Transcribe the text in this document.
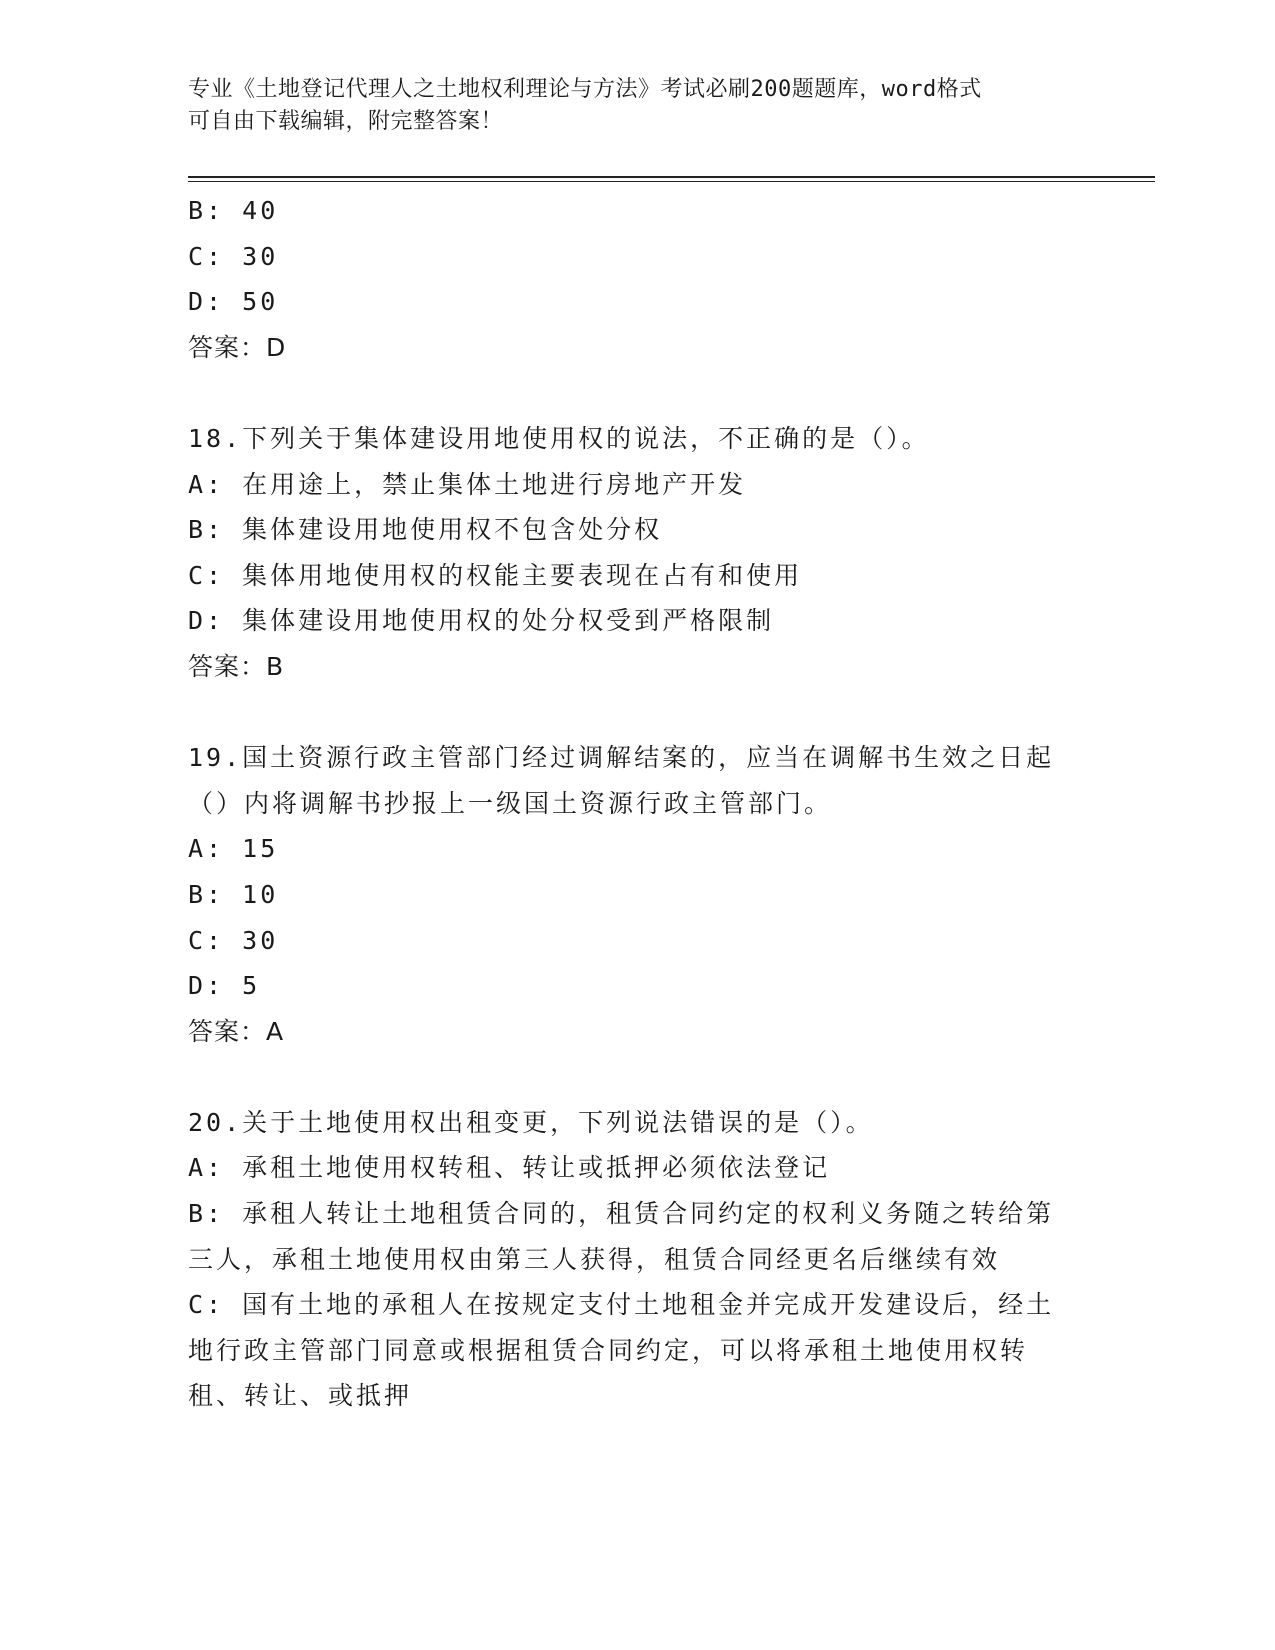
专业《土地登记代理人之土地权利理论与方法》考试必刷200题题库，word格式
可自由下载编辑，附完整答案！
B: 40
C: 30
D: 50
答案：D
18.下列关于集体建设用地使用权的说法，不正确的是（）。
A: 在用途上，禁止集体土地进行房地产开发
B: 集体建设用地使用权不包含处分权
C: 集体用地使用权的权能主要表现在占有和使用
D: 集体建设用地使用权的处分权受到严格限制
答案：B
19.国土资源行政主管部门经过调解结案的，应当在调解书生效之日起
（）内将调解书抄报上一级国土资源行政主管部门。
A: 15
B: 10
C: 30
D: 5
答案：A
20.关于土地使用权出租变更，下列说法错误的是（）。
A: 承租土地使用权转租、转让或抵押必须依法登记
B: 承租人转让土地租赁合同的，租赁合同约定的权利义务随之转给第
三人，承租土地使用权由第三人获得，租赁合同经更名后继续有效
C: 国有土地的承租人在按规定支付土地租金并完成开发建设后，经土
地行政主管部门同意或根据租赁合同约定，可以将承租土地使用权转
租、转让、或抵押
